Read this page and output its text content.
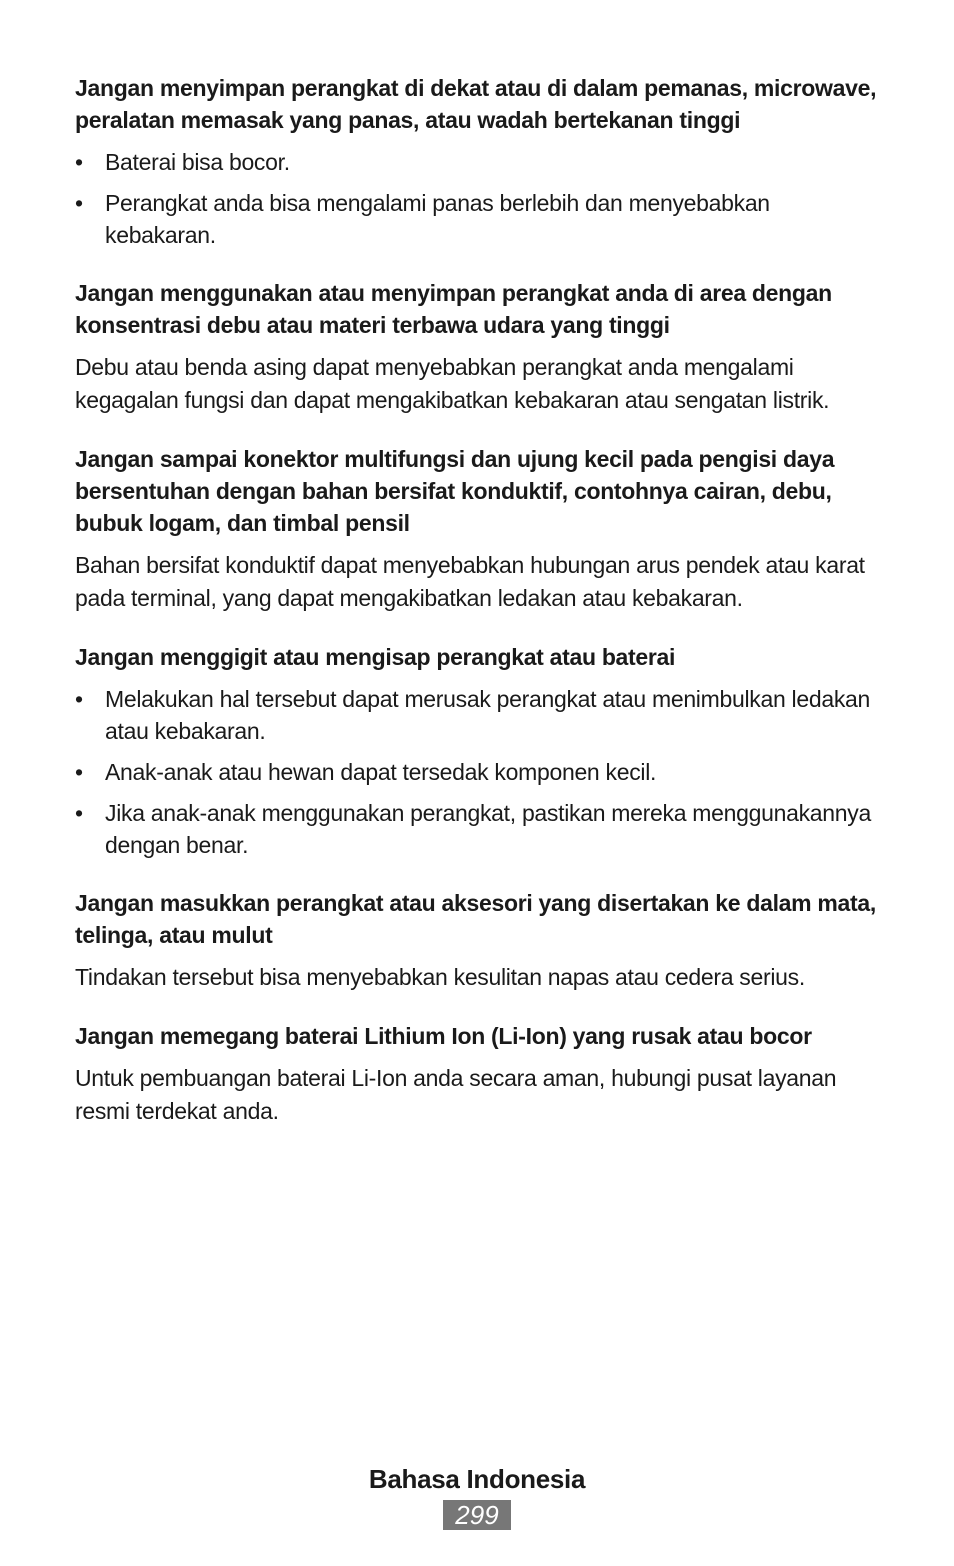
Jangan menyimpan perangkat di dekat atau di dalam pemanas, microwave, peralatan memasak yang panas, atau wadah bertekanan tinggi

• Baterai bisa bocor.
• Perangkat anda bisa mengalami panas berlebih dan menyebabkan kebakaran.

Jangan menggunakan atau menyimpan perangkat anda di area dengan konsentrasi debu atau materi terbawa udara yang tinggi

Debu atau benda asing dapat menyebabkan perangkat anda mengalami kegagalan fungsi dan dapat mengakibatkan kebakaran atau sengatan listrik.

Jangan sampai konektor multifungsi dan ujung kecil pada pengisi daya bersentuhan dengan bahan bersifat konduktif, contohnya cairan, debu, bubuk logam, dan timbal pensil

Bahan bersifat konduktif dapat menyebabkan hubungan arus pendek atau karat pada terminal, yang dapat mengakibatkan ledakan atau kebakaran.

Jangan menggigit atau mengisap perangkat atau baterai

• Melakukan hal tersebut dapat merusak perangkat atau menimbulkan ledakan atau kebakaran.
• Anak-anak atau hewan dapat tersedak komponen kecil.
• Jika anak-anak menggunakan perangkat, pastikan mereka menggunakannya dengan benar.

Jangan masukkan perangkat atau aksesori yang disertakan ke dalam mata, telinga, atau mulut

Tindakan tersebut bisa menyebabkan kesulitan napas atau cedera serius.

Jangan memegang baterai Lithium Ion (Li-Ion) yang rusak atau bocor

Untuk pembuangan baterai Li-Ion anda secara aman, hubungi pusat layanan resmi terdekat anda.

Bahasa Indonesia
299
